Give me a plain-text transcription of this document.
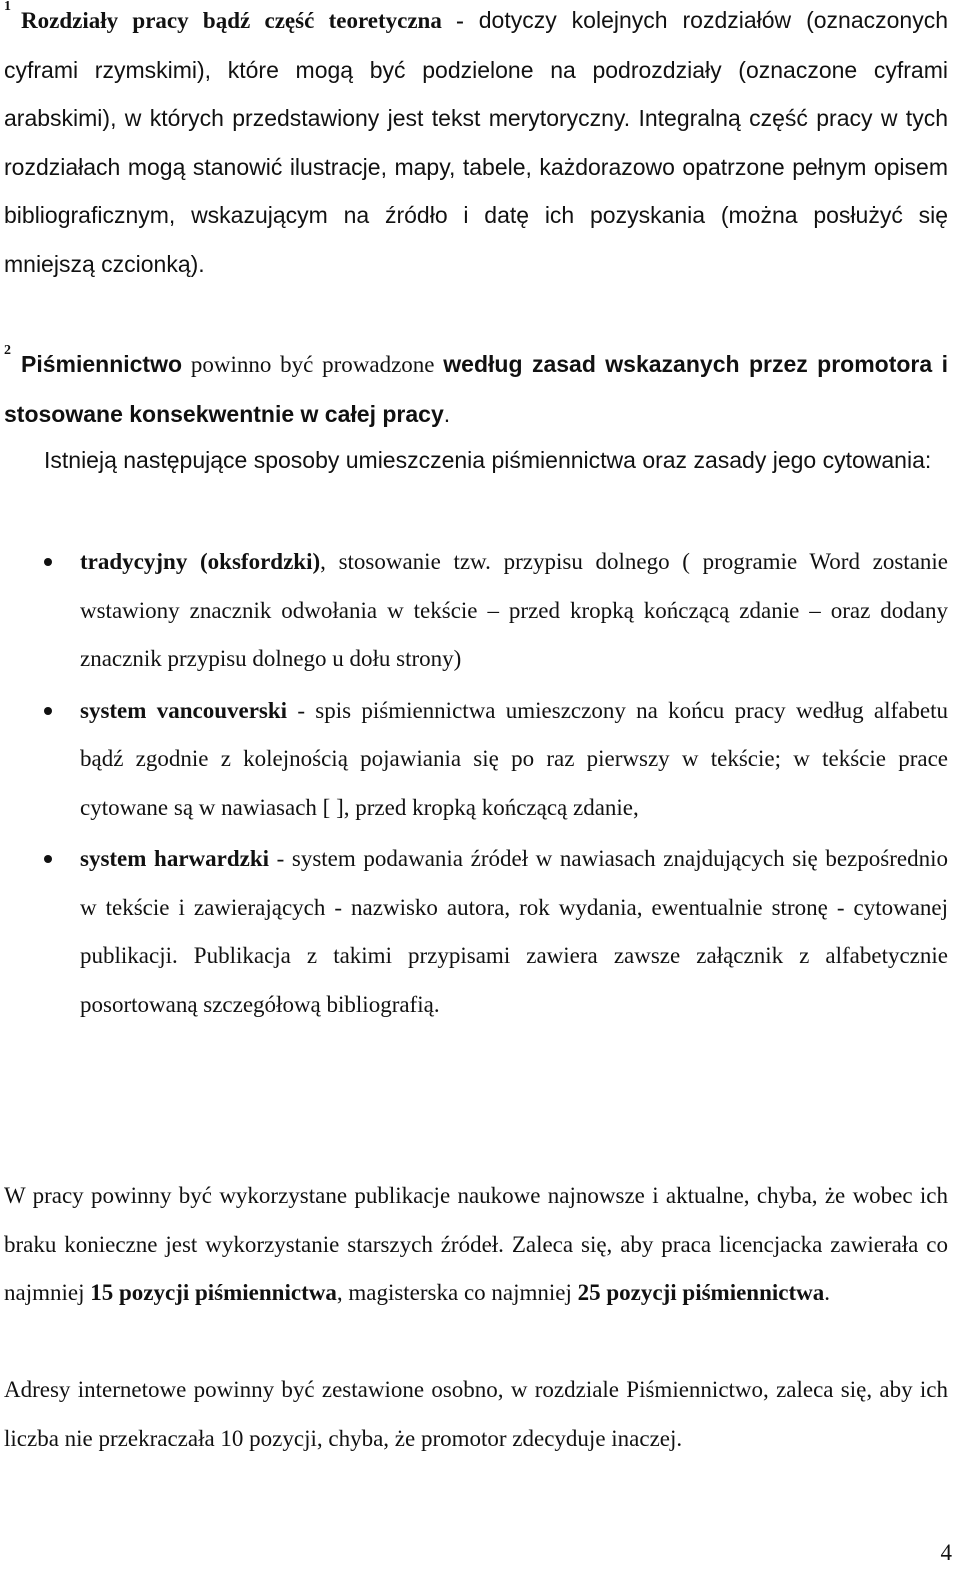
$^1$Rozdziały pracy bądź część teoretyczna - dotyczy kolejnych rozdziałów (oznaczonych cyframi rzymskimi), które mogą być podzielone na podrozdziały (oznaczone cyframi arabskimi), w których przedstawiony jest tekst merytoryczny. Integralną część pracy w tych rozdziałach mogą stanowić ilustracje, mapy, tabele, każdorazowo opatrzone pełnym opisem bibliograficznym, wskazującym na źródło i datę ich pozyskania (można posłużyć się mniejszą czcionką).

$^2$Piśmiennictwo powinno być prowadzone według zasad wskazanych przez promotora i stosowane konsekwentnie w całej pracy.

Istnieją następujące sposoby umieszczenia piśmiennictwa oraz zasady jego cytowania:

tradycyjny (oksfordzki), stosowanie tzw. przypisu dolnego ( programie Word zostanie wstawiony znacznik odwołania w tekście – przed kropką kończącą zdanie – oraz dodany znacznik przypisu dolnego u dołu strony)

system vancouverski - spis piśmiennictwa umieszczony na końcu pracy według alfabetu bądź zgodnie z kolejnością pojawiania się po raz pierwszy w tekście; w tekście prace cytowane są w nawiasach [ ], przed kropką kończącą zdanie,

system harwardzki - system podawania źródeł w nawiasach znajdujących się bezpośrednio w tekście i zawierających - nazwisko autora, rok wydania, ewentualnie stronę - cytowanej publikacji. Publikacja z takimi przypisami zawiera zawsze załącznik z alfabetycznie posortowaną szczegółową bibliografią.

W pracy powinny być wykorzystane publikacje naukowe najnowsze i aktualne, chyba, że wobec ich braku konieczne jest wykorzystanie starszych źródeł. Zaleca się, aby praca licencjacka zawierała co najmniej 15 pozycji piśmiennictwa, magisterska co najmniej 25 pozycji piśmiennictwa.

Adresy internetowe powinny być zestawione osobno, w rozdziale Piśmiennictwo, zaleca się, aby ich liczba nie przekraczała 10 pozycji, chyba, że promotor zdecyduje inaczej.

4
